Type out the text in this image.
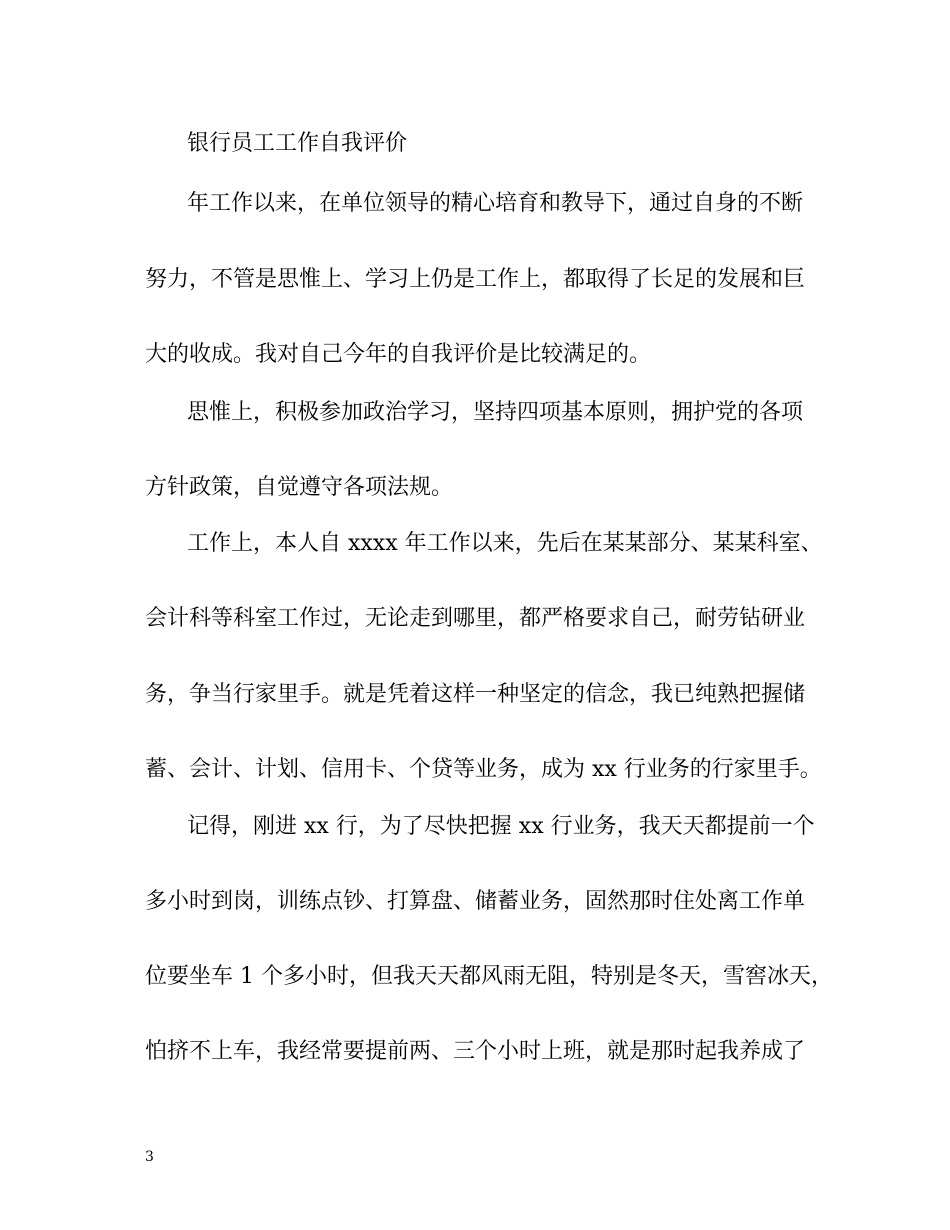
银行员工工作自我评价
年工作以来，在单位领导的精心培育和教导下，通过自身的不断
努力，不管是思惟上、学习上仍是工作上，都取得了长足的发展和巨
大的收成。我对自己今年的自我评价是比较满足的。
思惟上，积极参加政治学习，坚持四项基本原则，拥护党的各项
方针政策，自觉遵守各项法规。
工作上，本人自 xxxx 年工作以来，先后在某某部分、某某科室、
会计科等科室工作过，无论走到哪里，都严格要求自己，耐劳钻研业
务，争当行家里手。就是凭着这样一种坚定的信念，我已纯熟把握储
蓄、会计、计划、信用卡、个贷等业务，成为 xx 行业务的行家里手。
记得，刚进 xx 行，为了尽快把握 xx 行业务，我天天都提前一个
多小时到岗，训练点钞、打算盘、储蓄业务，固然那时住处离工作单
位要坐车 1 个多小时，但我天天都风雨无阻，特别是冬天，雪窖冰天，
怕挤不上车，我经常要提前两、三个小时上班，就是那时起我养成了
3
